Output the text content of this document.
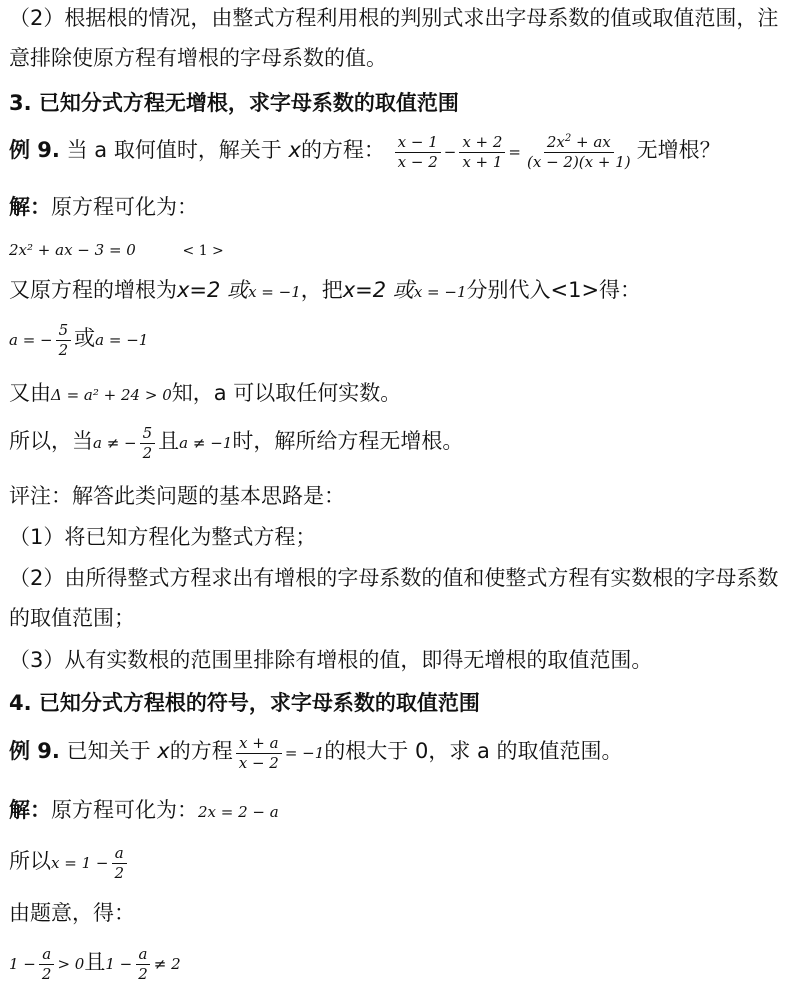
（2）根据根的情况，由整式方程利用根的判别式求出字母系数的值或取值范围，注
意排除使原方程有增根的字母系数的值。
3. 已知分式方程无增根，求字母系数的取值范围
例 9. 当 a 取何值时，解关于 x的方程： $\frac{x - 1}{x - 2} - \frac{x + 2}{x + 1} = \frac{2x^2 + ax}{(x - 2)(x + 1)}$ 无增根？
解：原方程可化为：
2x² + ax − 3 = 0	< 1 >
又原方程的增根为x=2 或x = −1，把x=2 或x = −1分别代入<1>得：
a = − $\frac{5}{2}$ 或a = −1
又由Δ = a² + 24 > 0知，a 可以取任何实数。
所以，当a ≠ − $\frac{5}{2}$ 且a ≠ −1时，解所给方程无增根。
评注：解答此类问题的基本思路是：
（1）将已知方程化为整式方程；
（2）由所得整式方程求出有增根的字母系数的值和使整式方程有实数根的字母系数
的取值范围；
（3）从有实数根的范围里排除有增根的值，即得无增根的取值范围。
4. 已知分式方程根的符号，求字母系数的取值范围
例 9. 已知关于 x的方程 $\frac{x + a}{x - 2} = -1$的根大于 0，求 a 的取值范围。
解：原方程可化为：2x = 2 − a
所以$x = 1 - \frac{a}{2}$
由题意，得：
$1 - \frac{a}{2} > 0$且$1 - \frac{a}{2} \ne 2$
